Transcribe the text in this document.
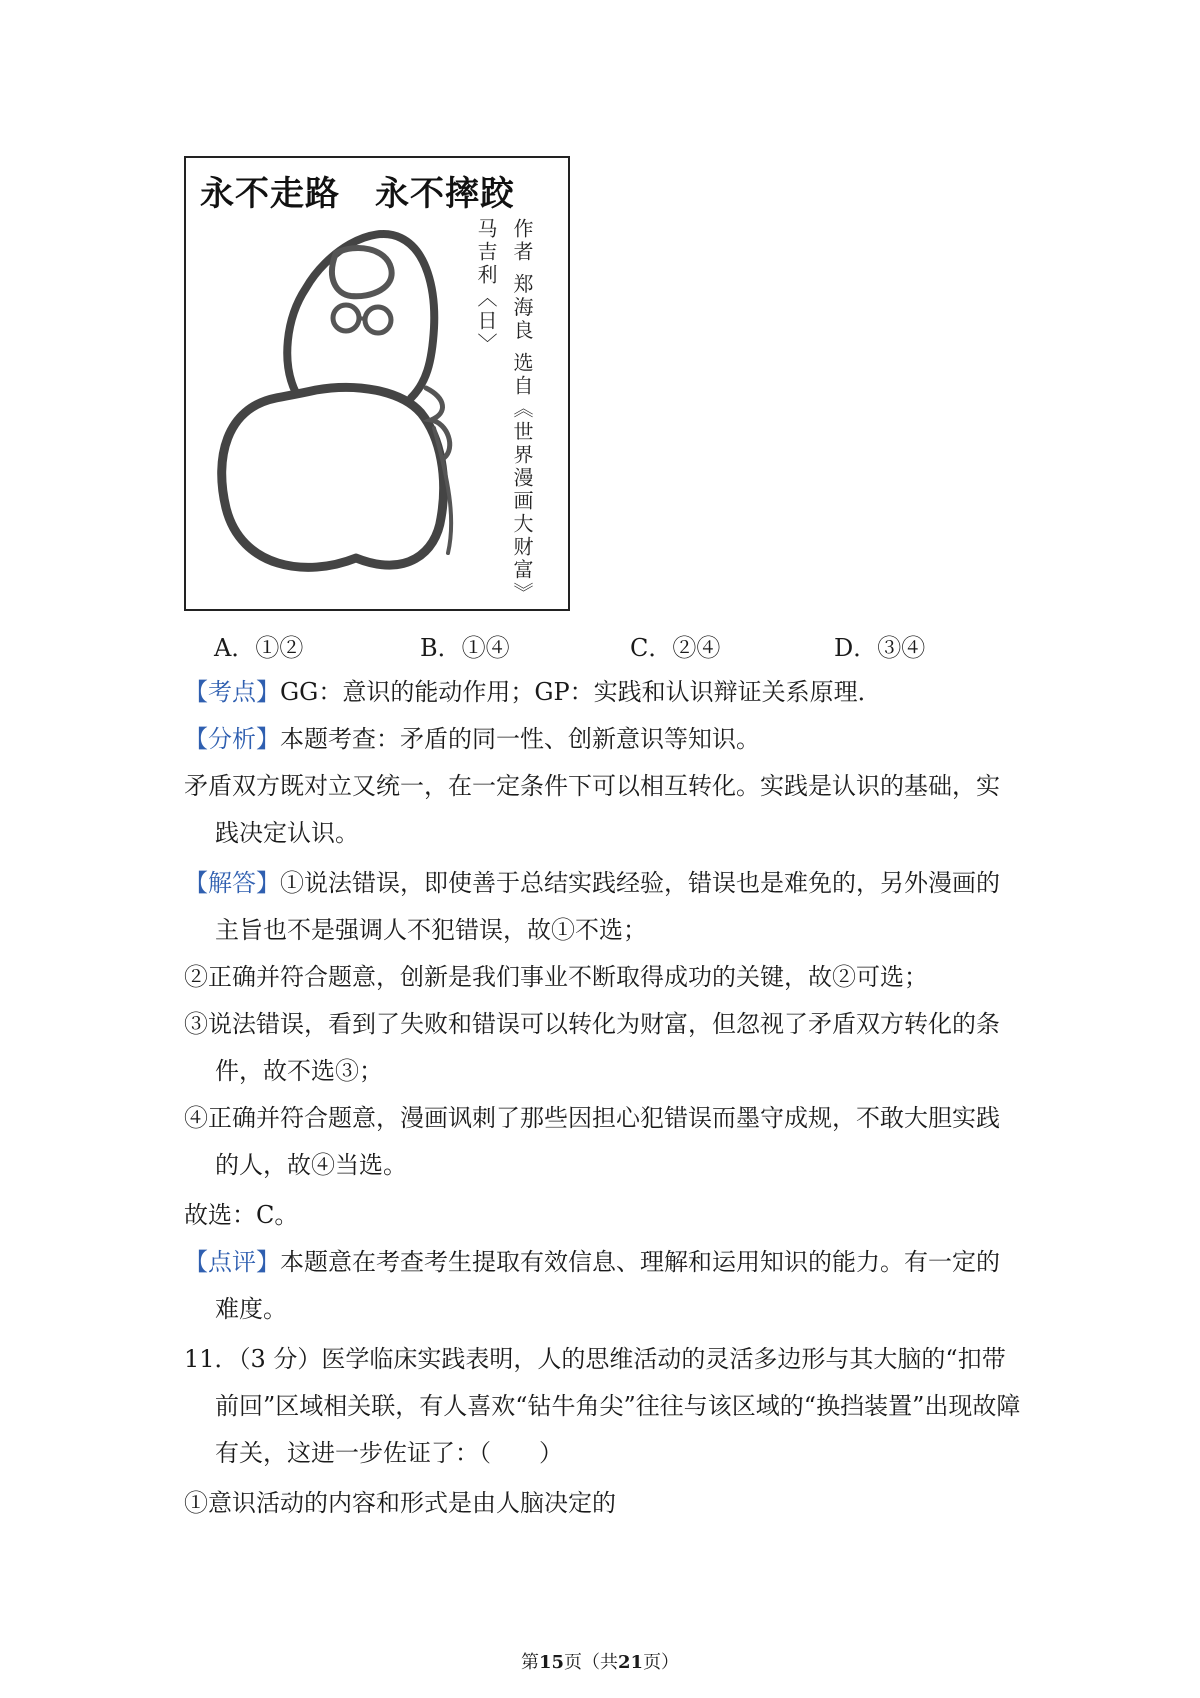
永不走路　永不摔跤
作者 郑海良 选自《世界漫画大财富》
马吉利〈日〉
A．①②	B．①④	C．②④	D．③④
【考点】GG：意识的能动作用；GP：实践和认识辩证关系原理．
【分析】本题考查：矛盾的同一性、创新意识等知识。
矛盾双方既对立又统一，在一定条件下可以相互转化。实践是认识的基础，实
践决定认识。
【解答】①说法错误，即使善于总结实践经验，错误也是难免的，另外漫画的
主旨也不是强调人不犯错误，故①不选；
②正确并符合题意，创新是我们事业不断取得成功的关键，故②可选；
③说法错误，看到了失败和错误可以转化为财富，但忽视了矛盾双方转化的条
件，故不选③；
④正确并符合题意，漫画讽刺了那些因担心犯错误而墨守成规，不敢大胆实践
的人，故④当选。
故选：C。
【点评】本题意在考查考生提取有效信息、理解和运用知识的能力。有一定的
难度。
11．（3 分）医学临床实践表明，人的思维活动的灵活多边形与其大脑的“扣带
前回”区域相关联，有人喜欢“钻牛角尖”往往与该区域的“换挡装置”出现故障
有关，这进一步佐证了：（　　）
①意识活动的内容和形式是由人脑决定的
第15页（共21页）
